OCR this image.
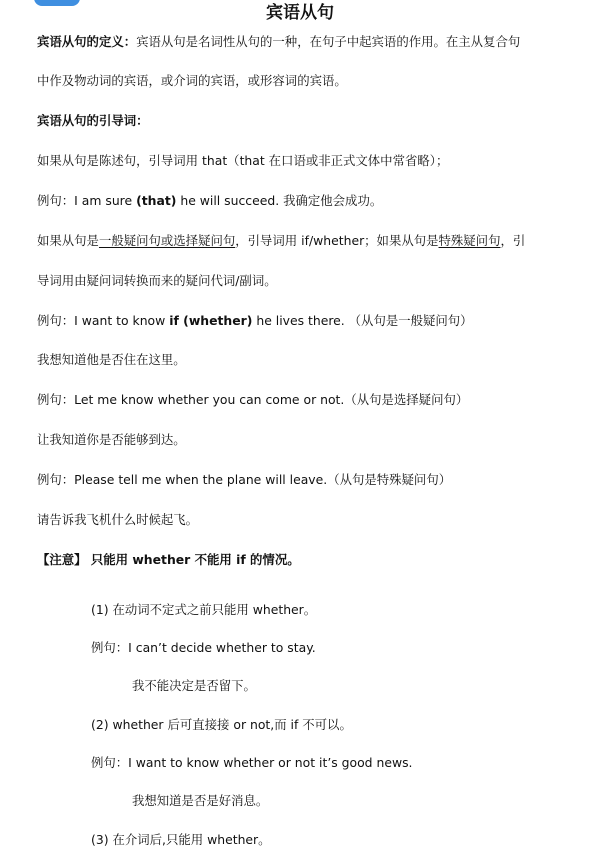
宾语从句
宾语从句的定义：宾语从句是名词性从句的一种，在句子中起宾语的作用。在主从复合句
中作及物动词的宾语，或介词的宾语，或形容词的宾语。
宾语从句的引导词：
如果从句是陈述句，引导词用 that（that 在口语或非正式文体中常省略）；
例句：I am sure (that) he will succeed. 我确定他会成功。
如果从句是一般疑问句或选择疑问句，引导词用 if/whether；如果从句是特殊疑问句，引
导词用由疑问词转换而来的疑问代词/副词。
例句：I want to know if (whether) he lives there. （从句是一般疑问句）
我想知道他是否住在这里。
例句：Let me know whether you can come or not.（从句是选择疑问句）
让我知道你是否能够到达。
例句：Please tell me when the plane will leave.（从句是特殊疑问句）
请告诉我飞机什么时候起飞。
【注意】 只能用 whether 不能用 if 的情况。
(1) 在动词不定式之前只能用 whether。
例句：I can’t decide whether to stay.
我不能决定是否留下。
(2) whether 后可直接接 or not,而 if 不可以。
例句：I want to know whether or not it’s good news.
我想知道是否是好消息。
(3) 在介词后,只能用 whether。
